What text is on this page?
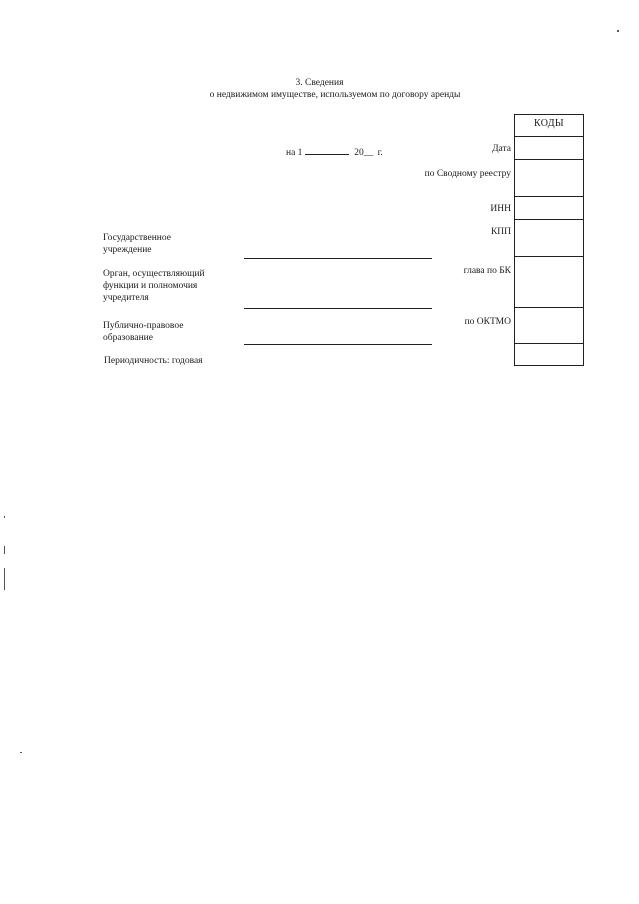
3. Сведения
о недвижимом имуществе, используемом по договору аренды
на 1	20__ г.
Государственное учреждение
Орган, осуществляющий функции и полномочия учредителя
Публично-правовое образование
Периодичность: годовая
Дата
по Сводному реестру
ИНН
КПП
глава по БК
по ОКТМО
КОДЫ
